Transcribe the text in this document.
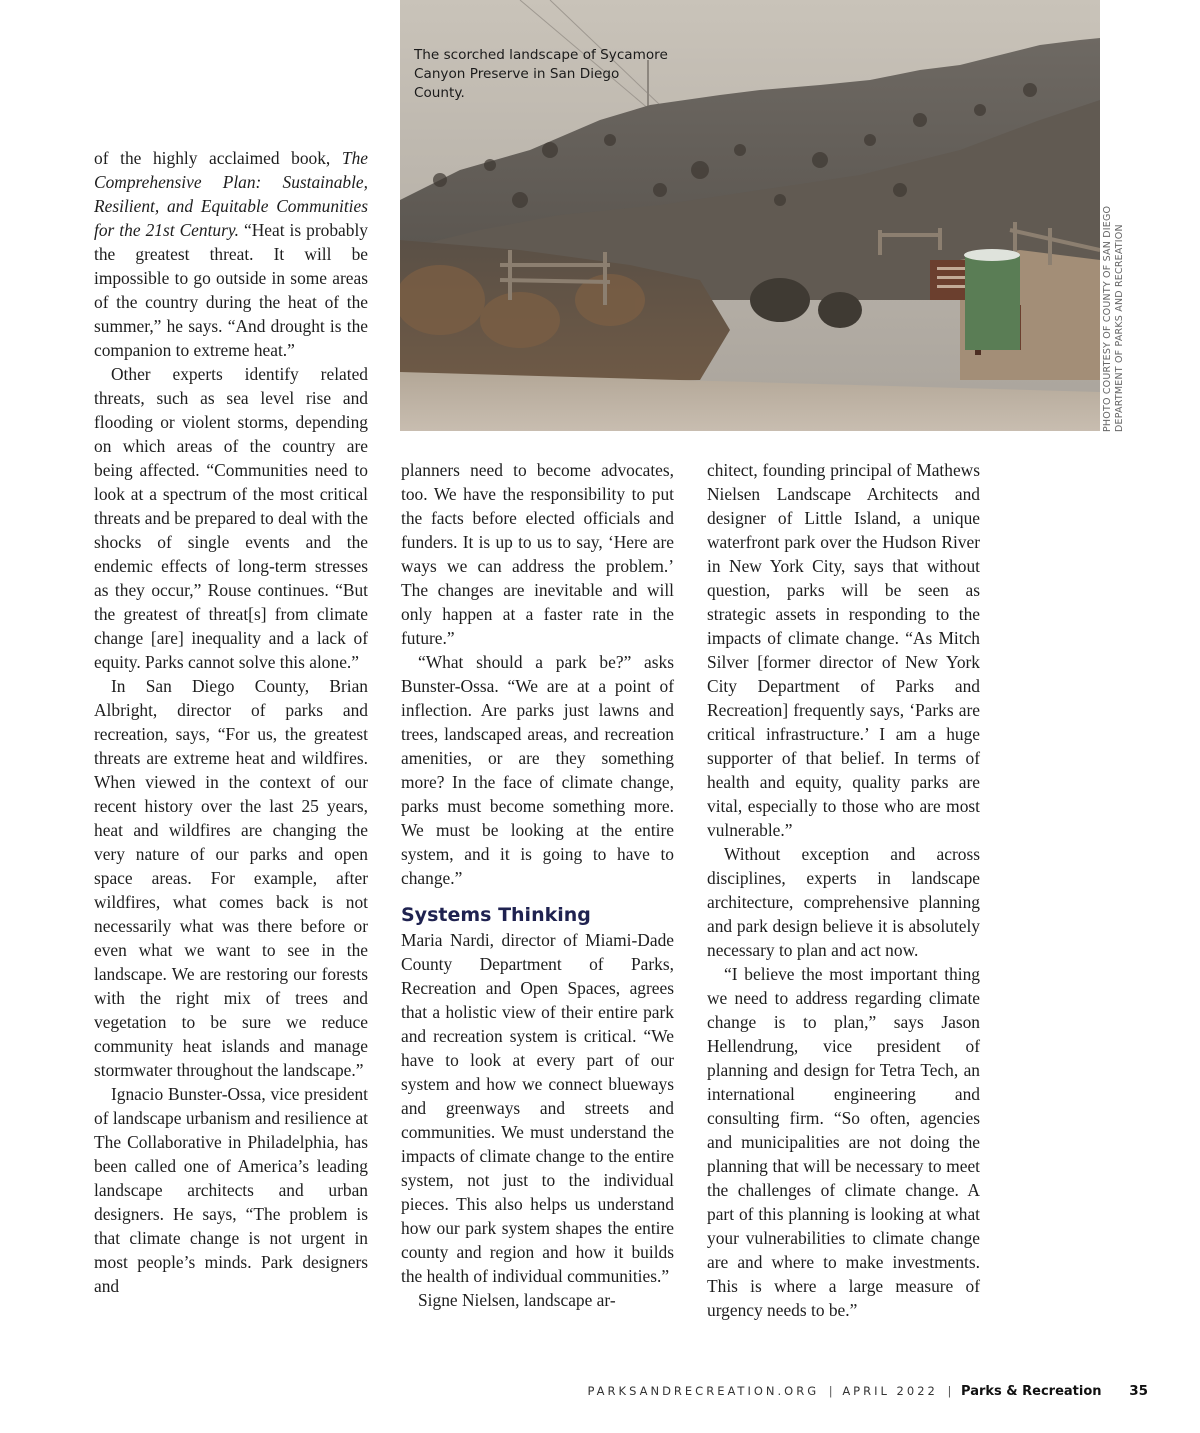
The scorched landscape of Sycamore Canyon Preserve in San Diego County.
PHOTO COURTESY OF COUNTY OF SAN DIEGO DEPARTMENT OF PARKS AND RECREATION

of the highly acclaimed book, The Comprehensive Plan: Sustainable, Resilient, and Equitable Communities for the 21st Century. “Heat is probably the greatest threat. It will be impossible to go outside in some areas of the country during the heat of the summer,” he says. “And drought is the companion to extreme heat.”

Other experts identify related threats, such as sea level rise and flooding or violent storms, depending on which areas of the country are being affected. “Communities need to look at a spectrum of the most critical threats and be prepared to deal with the shocks of single events and the endemic effects of long-term stresses as they occur,” Rouse continues. “But the greatest of threat[s] from climate change [are] inequality and a lack of equity. Parks cannot solve this alone.”

In San Diego County, Brian Albright, director of parks and recreation, says, “For us, the greatest threats are extreme heat and wildfires. When viewed in the context of our recent history over the last 25 years, heat and wildfires are changing the very nature of our parks and open space areas. For example, after wildfires, what comes back is not necessarily what was there before or even what we want to see in the landscape. We are restoring our forests with the right mix of trees and vegetation to be sure we reduce community heat islands and manage stormwater throughout the landscape.”

Ignacio Bunster-Ossa, vice president of landscape urbanism and resilience at The Collaborative in Philadelphia, has been called one of America’s leading landscape architects and urban designers. He says, “The problem is that climate change is not urgent in most people’s minds. Park designers and

planners need to become advocates, too. We have the responsibility to put the facts before elected officials and funders. It is up to us to say, ‘Here are ways we can address the problem.’ The changes are inevitable and will only happen at a faster rate in the future.”

“What should a park be?” asks Bunster-Ossa. “We are at a point of inflection. Are parks just lawns and trees, landscaped areas, and recreation amenities, or are they something more? In the face of climate change, parks must become something more. We must be looking at the entire system, and it is going to have to change.”

Systems Thinking

Maria Nardi, director of Miami-Dade County Department of Parks, Recreation and Open Spaces, agrees that a holistic view of their entire park and recreation system is critical. “We have to look at every part of our system and how we connect blueways and greenways and streets and communities. We must understand the impacts of climate change to the entire system, not just to the individual pieces. This also helps us understand how our park system shapes the entire county and region and how it builds the health of individual communities.”

Signe Nielsen, landscape ar-

chitect, founding principal of Mathews Nielsen Landscape Architects and designer of Little Island, a unique waterfront park over the Hudson River in New York City, says that without question, parks will be seen as strategic assets in responding to the impacts of climate change. “As Mitch Silver [former director of New York City Department of Parks and Recreation] frequently says, ‘Parks are critical infrastructure.’ I am a huge supporter of that belief. In terms of health and equity, quality parks are vital, especially to those who are most vulnerable.”

Without exception and across disciplines, experts in landscape architecture, comprehensive planning and park design believe it is absolutely necessary to plan and act now.

“I believe the most important thing we need to address regarding climate change is to plan,” says Jason Hellendrung, vice president of planning and design for Tetra Tech, an international engineering and consulting firm. “So often, agencies and municipalities are not doing the planning that will be necessary to meet the challenges of climate change. A part of this planning is looking at what your vulnerabilities to climate change are and where to make investments. This is where a large measure of urgency needs to be.”

PARKSANDRECREATION.ORG | APRIL 2022 | Parks & Recreation 35
